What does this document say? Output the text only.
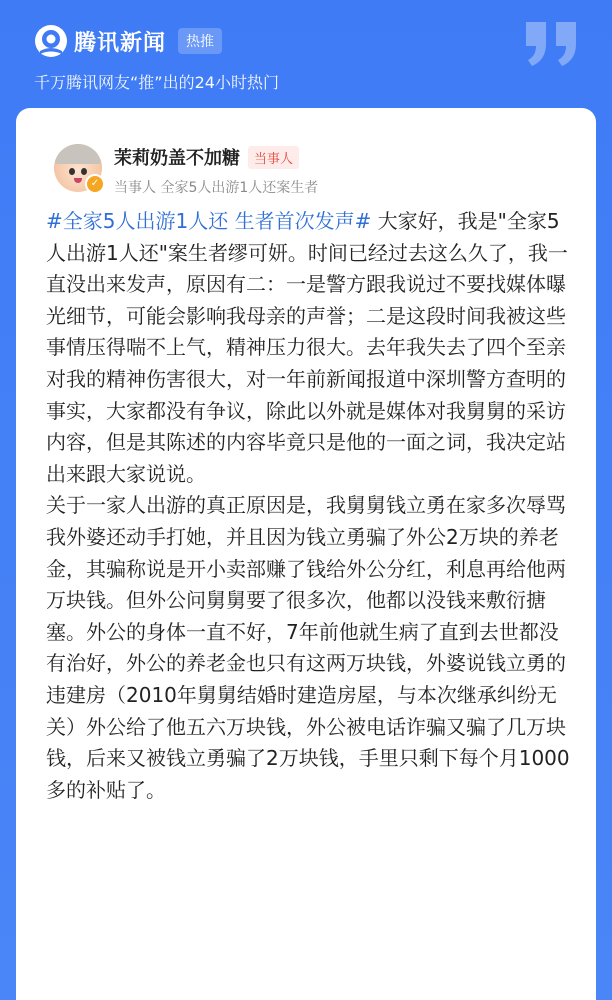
腾讯新闻	热推
千万腾讯网友“推”出的24小时热门
✓
茉莉奶盖不加糖	当事人
当事人 全家5人出游1人还案生者
#全家5人出游1人还 生者首次发声# 大家好，我是"全家5人出游1人还"案生者缪可妍。时间已经过去这么久了，我一直没出来发声，原因有二：一是警方跟我说过不要找媒体曝光细节，可能会影响我母亲的声誉；二是这段时间我被这些事情压得喘不上气，精神压力很大。去年我失去了四个至亲对我的精神伤害很大，对一年前新闻报道中深圳警方查明的事实，大家都没有争议，除此以外就是媒体对我舅舅的采访内容，但是其陈述的内容毕竟只是他的一面之词，我决定站出来跟大家说说。
关于一家人出游的真正原因是，我舅舅钱立勇在家多次辱骂我外婆还动手打她，并且因为钱立勇骗了外公2万块的养老金，其骗称说是开小卖部赚了钱给外公分红，利息再给他两万块钱。但外公问舅舅要了很多次，他都以没钱来敷衍搪塞。外公的身体一直不好，7年前他就生病了直到去世都没有治好，外公的养老金也只有这两万块钱，外婆说钱立勇的违建房（2010年舅舅结婚时建造房屋，与本次继承纠纷无关）外公给了他五六万块钱，外公被电话诈骗又骗了几万块钱，后来又被钱立勇骗了2万块钱，手里只剩下每个月1000多的补贴了。
